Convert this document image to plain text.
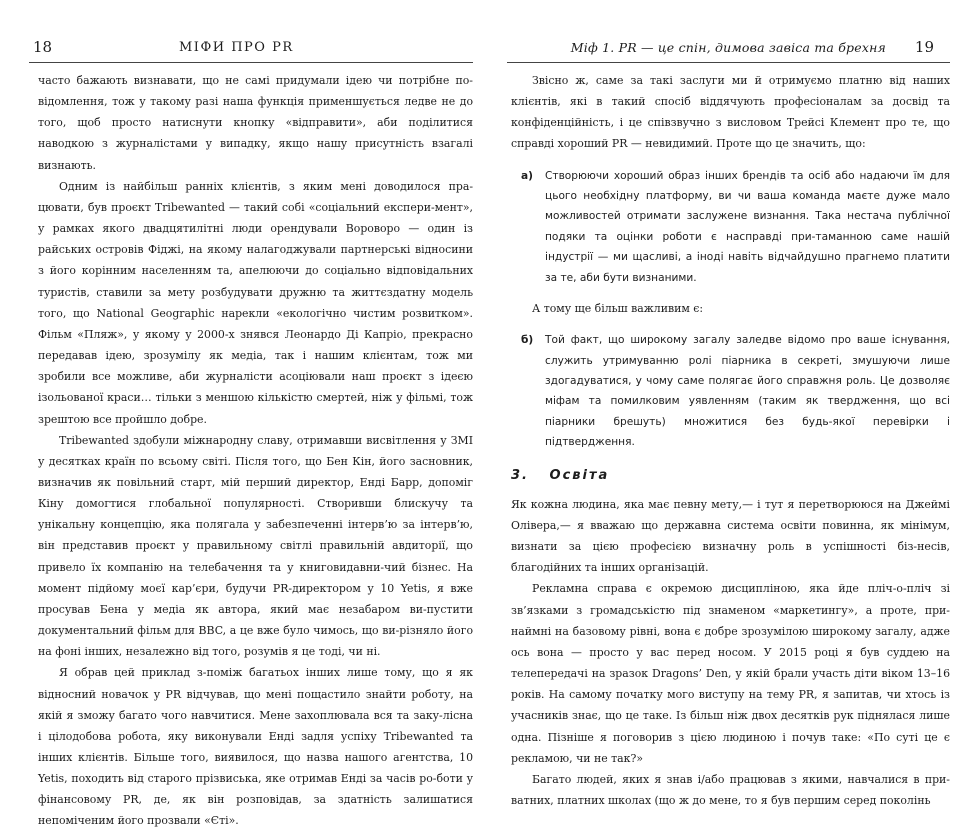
18	МІФИ ПРО PR

часто бажають визнавати, що не самі придумали ідею чи потрібне по-відомлення, тож у такому разі наша функція применшується ледве не до того, щоб просто натиснути кнопку «відправити», аби поділитися наводкою з журналістами у випадку, якщо нашу присутність взагалі визнають.

Одним із найбільш ранніх клієнтів, з яким мені доводилося пра-цювати, був проєкт Tribewanted — такий собі «соціальний експери-мент», у рамках якого двадцятилітні люди орендували Вороворо — один із райських островів Фіджі, на якому налагоджували партнерські відносини з його корінним населенням та, апелюючи до соціально відповідальних туристів, ставили за мету розбудувати дружню та життєздатну модель того, що National Geographic нарекли «екологічно чистим розвитком». Фільм «Пляж», у якому у 2000-х знявся Леонардо Ді Капріо, прекрасно передавав ідею, зрозумілу як медіа, так і нашим клієнтам, тож ми зробили все можливе, аби журналісти асоціювали наш проєкт з ідеєю ізольованої краси… тільки з меншою кількістю смертей, ніж у фільмі, тож зрештою все пройшло добре.

Tribewanted здобули міжнародну славу, отримавши висвітлення у ЗМІ у десятках країн по всьому світі. Після того, що Бен Кін, його засновник, визначив як повільний старт, мій перший директор, Енді Барр, допоміг Кіну домогтися глобальної популярності. Створивши блискучу та унікальну концепцію, яка полягала у забезпеченні інтерв’ю за інтерв’ю, він представив проєкт у правильному світлі правильній авдиторії, що привело їх компанію на телебачення та у книговидавни-чий бізнес. На момент підйому моєї кар’єри, будучи PR-директором у 10 Yetis, я вже просував Бена у медіа як автора, який має незабаром ви-пустити документальний фільм для BBC, а це вже було чимось, що ви-різняло його на фоні інших, незалежно від того, розумів я це тоді, чи ні.

Я обрав цей приклад з-поміж багатьох інших лише тому, що я як відносний новачок у PR відчував, що мені пощастило знайти роботу, на якій я зможу багато чого навчитися. Мене захоплювала вся та заку-лісна і цілодобова робота, яку виконували Енді задля успіху Tribewanted та інших клієнтів. Більше того, виявилося, що назва нашого агентства, 10 Yetis, походить від старого прізвиська, яке отримав Енді за часів ро-боти у фінансовому PR, де, як він розповідав, за здатність залишатися непоміченим його прозвали «Єті».

Міф 1. PR — це спін, димова завіса та брехня 19

Звісно ж, саме за такі заслуги ми й отримуємо платню від наших клієнтів, які в такий спосіб віддячують професіоналам за досвід та конфіденційність, і це співзвучно з висловом Трейсі Клемент про те, що справді хороший PR — невидимий. Проте що це значить, що:

а) Створюючи хороший образ інших брендів та осіб або надаючи їм для цього необхідну платформу, ви чи ваша команда маєте дуже мало можливостей отримати заслужене визнання. Така нестача публічної подяки та оцінки роботи є насправді при-таманною саме нашій індустрії — ми щасливі, а іноді навіть відчайдушно прагнемо платити за те, аби бути визнаними.

А тому ще більш важливим є:

б) Той факт, що широкому загалу заледве відомо про ваше існування, служить утримуванню ролі піарника в секреті, змушуючи лише здогадуватися, у чому саме полягає його справжня роль. Це дозволяє міфам та помилковим уявленням (таким як твердження, що всі піарники брешуть) множитися без будь-якої перевірки і підтвердження.
3. Освіта

Як кожна людина, яка має певну мету,— і тут я перетворююся на Джеймі Олівера,— я вважаю що державна система освіти повинна, як мінімум, визнати за цією професією визначну роль в успішності біз-несів, благодійних та інших організацій.

Рекламна справа є окремою дисципліною, яка йде пліч-о-пліч зі зв’язками з громадськістю під знаменом «маркетингу», а проте, при-наймні на базовому рівні, вона є добре зрозумілою широкому загалу, адже ось вона — просто у вас перед носом. У 2015 році я був суддею на телепередачі на зразок Dragons’ Den, у якій брали участь діти віком 13–16 років. На самому початку мого виступу на тему PR, я запитав, чи хтось із учасників знає, що це таке. Із більш ніж двох десятків рук піднялася лише одна. Пізніше я поговорив з цією людиною і почув таке: «По суті це є рекламою, чи не так?»

Багато людей, яких я знав і/або працював з якими, навчалися в при-ватних, платних школах (що ж до мене, то я був першим серед поколінь
